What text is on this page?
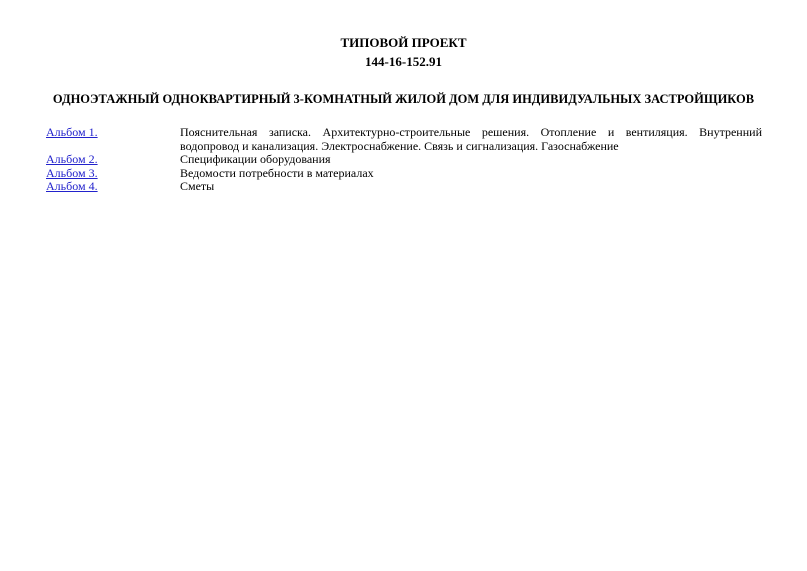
ТИПОВОЙ ПРОЕКТ
144-16-152.91
ОДНОЭТАЖНЫЙ ОДНОКВАРТИРНЫЙ 3-КОМНАТНЫЙ ЖИЛОЙ ДОМ ДЛЯ ИНДИВИДУАЛЬНЫХ ЗАСТРОЙЩИКОВ
Альбом 1.	Пояснительная записка. Архитектурно-строительные решения. Отопление и вентиляция. Внутренний водопровод и канализация. Электроснабжение. Связь и сигнализация. Газоснабжение
Альбом 2.	Спецификации оборудования
Альбом 3.	Ведомости потребности в материалах
Альбом 4.	Сметы
